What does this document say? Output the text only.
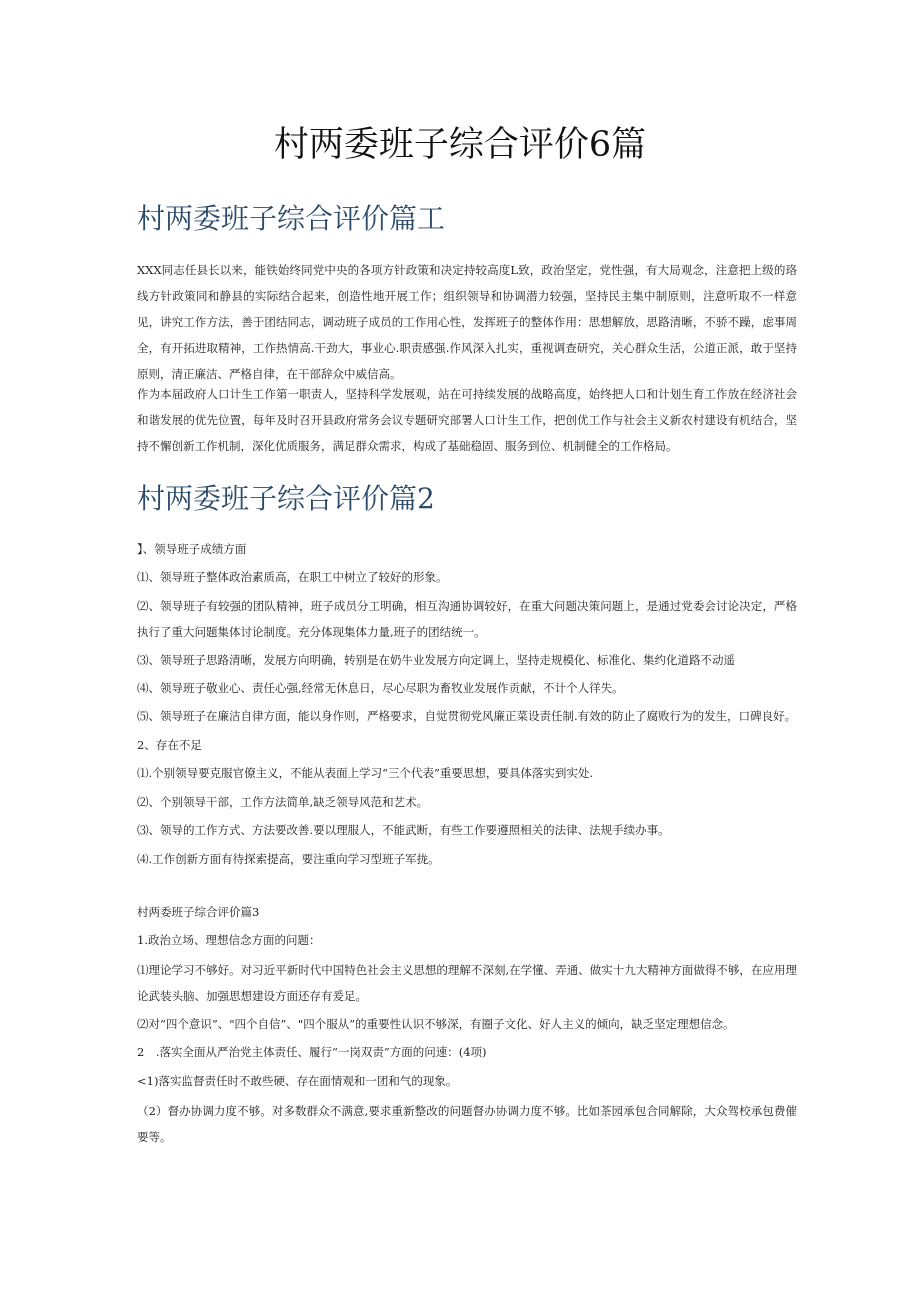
村两委班子综合评价6篇
村两委班子综合评价篇工
XXX同志任县长以来，能铁始终同党中央的各项方针政策和决定持较高度L致，政治坚定，党性强，有大局观念，注意把上级的珞线方针政策同和静县的实际结合起来，创造性地开展工作；组织领导和协调潜力较强，坚持民主集中制原则，注意听取不一样意见，讲究工作方法，善于团结同志，调动班子成员的工作用心性，发挥班子的整体作用：思想解放，思路清晰，不骄不躁，虑事周全，有开拓进取精神，工作热情高.干劲大，事业心.职责感强.作风深入扎实，重视调查研究，关心群众生活，公道正派，敢于坚持原则，清正廉洁、严格自律，在干部辞众中威信高。
作为本届政府人口计生工作第一职责人，坚持科学发展观，站在可持续发展的战略高度，始终把人口和计划生育工作放在经济社会和谐发展的优先位置，每年及时召开县政府常务会议专题研究部署人口计生工作，把创优工作与社会主义新农村建设有机结合，坚持不懈创新工作机制，深化优质服务，满足群众需求，构成了基础稳固、服务到位、机制健全的工作格局。
村两委班子综合评价篇2
】、领导班子成绩方面
⑴、领导班子整体政治素质高，在职工中树立了较好的形象。
⑵、领导班子有较强的团队精神，班子成员分工明确，相互沟通协调较好，在重大问题决策问题上，是通过党委会讨论决定，严格执行了重大问题集体讨论制度。充分体现集体力量,班子的团结统一。
⑶、领导班子思路清晰，发展方向明确，转别是在奶牛业发展方向定调上，坚持走规模化、标准化、集约化道路不动遥
⑷、领导班子敬业心、责任心强,经常无休息日，尽心尽职为畜牧业发展作贡献，不计个人徉失。
⑸、领导班子在廉洁自律方面，能以身作则，严格要求，自觉贯彻党风廉正菜设责任制.有效的防止了腐败行为的发生，口碑良好。
2、存在不足
⑴.个别领导要克服官僚主义，不能从表面上学习“三个代表”重要思想，要具体落实到实处.
⑵、个别领导干部，工作方法简单,缺乏领导风范和艺术。
⑶、领导的工作方式、方法要改善.要以理服人，不能武断，有些工作要遵照相关的法律、法规手续办事。
⑷.工作创新方面有待探索提高，要注重向学习型班子军拢。
村两委班子综合评价篇3
1.政治立场、理想信念方面的问题：
⑴理论学习不够好。对习近平新时代中国特色社会主义思想的理解不深刻,在学懂、弄通、做实十九大精神方面做得不够，在应用理论武装头脑、加强思想建设方面还存有爰足。
⑵对“四个意识”、"四个自信”、"四个服从”的重要性认识不够深，有圈子文化、好人主义的倾向，缺乏坚定理想信念。
2　.落实全面从严治党主体责任、履行“一岗双责”方面的问速：(4项)
<1)落实监督责任时不敢些硬、存在面情观和一团和气的现象。
（2）督办协调力度不够。对多数群众不满意,要求重新整改的问题督办协调力度不够。比如茶园承包合同解除，大众驾校承包费催要等。
